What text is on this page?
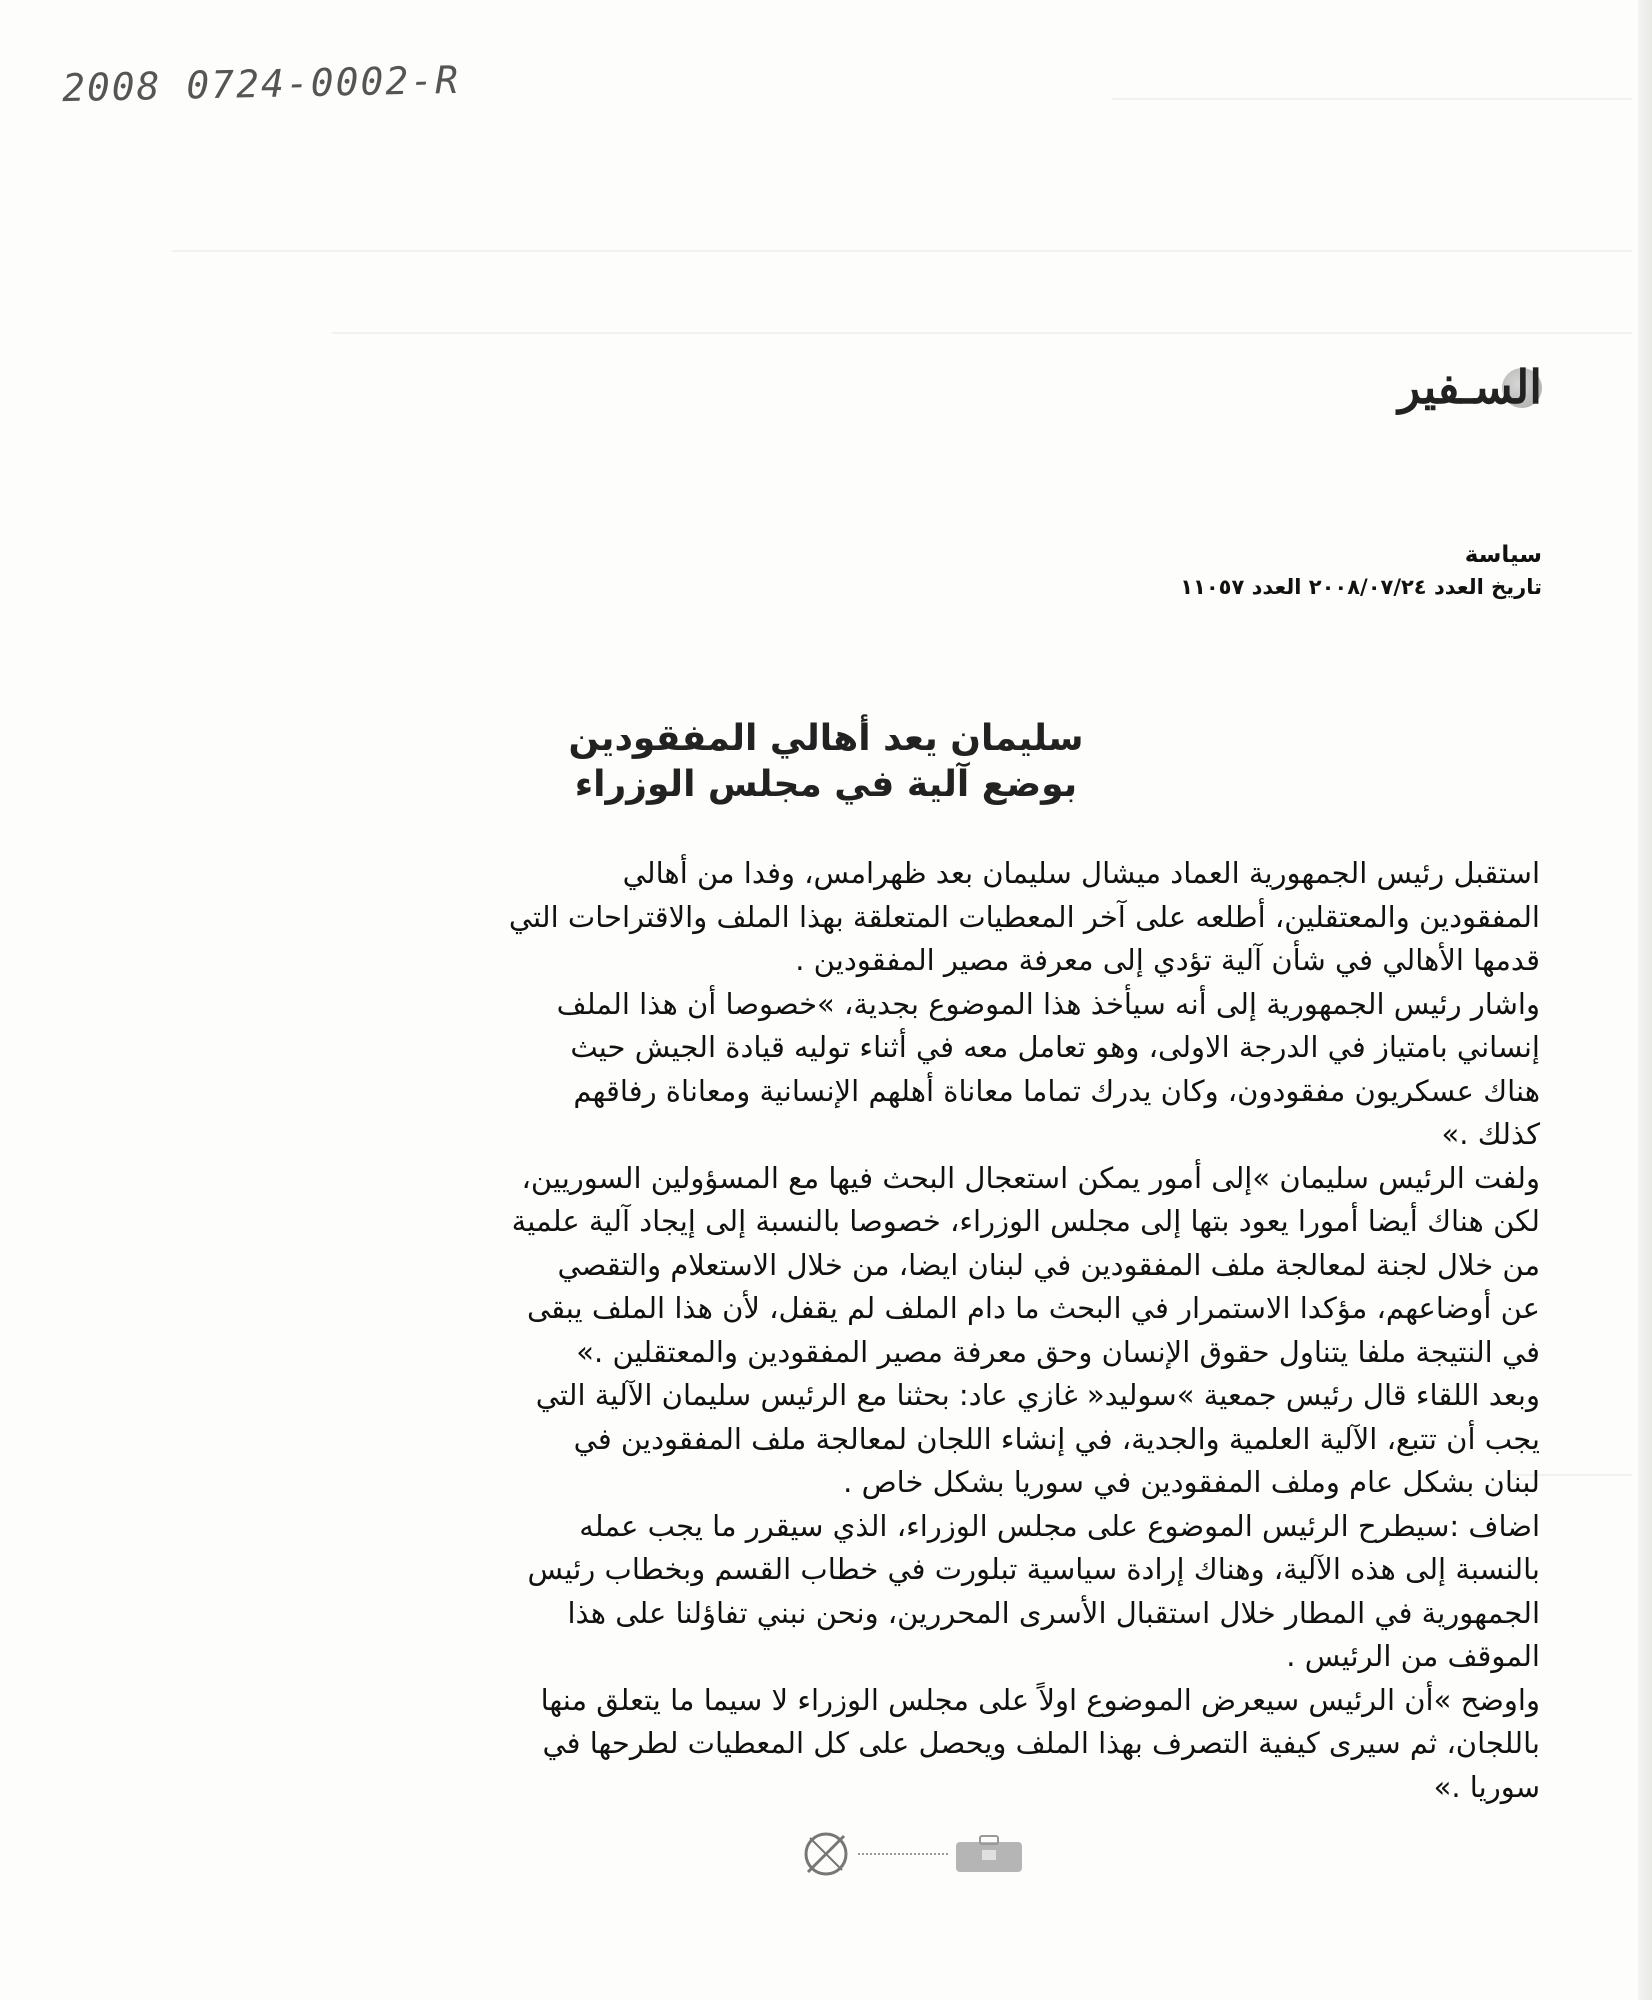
2008 0724-0002-R
السـفير
سياسة
تاريخ العدد ٢٠٠٨/٠٧/٢٤ العدد ١١٠٥٧
سليمان يعد أهالي المفقودين
بوضع آلية في مجلس الوزراء

استقبل رئيس الجمهورية العماد ميشال سليمان بعد ظهرامس، وفدا من أهالي

المفقودين والمعتقلين، أطلعه على آخر المعطيات المتعلقة بهذا الملف والاقتراحات التي

قدمها الأهالي في شأن آلية تؤدي إلى معرفة مصير المفقودين .

واشار رئيس الجمهورية إلى أنه سيأخذ هذا الموضوع بجدية، »خصوصا أن هذا الملف

إنساني بامتياز في الدرجة الاولى، وهو تعامل معه في أثناء توليه قيادة الجيش حيث

هناك عسكريون مفقودون، وكان يدرك تماما معاناة أهلهم الإنسانية ومعاناة رفاقهم

كذلك .»

ولفت الرئيس سليمان »إلى أمور يمكن استعجال البحث فيها مع المسؤولين السوريين،

لكن هناك أيضا أمورا يعود بتها إلى مجلس الوزراء، خصوصا بالنسبة إلى إيجاد آلية علمية

من خلال لجنة لمعالجة ملف المفقودين في لبنان ايضا، من خلال الاستعلام والتقصي

عن أوضاعهم، مؤكدا الاستمرار في البحث ما دام الملف لم يقفل، لأن هذا الملف يبقى

في النتيجة ملفا يتناول حقوق الإنسان وحق معرفة مصير المفقودين والمعتقلين .»

وبعد اللقاء قال رئيس جمعية »سوليد« غازي عاد: بحثنا مع الرئيس سليمان الآلية التي

يجب أن تتبع، الآلية العلمية والجدية، في إنشاء اللجان لمعالجة ملف المفقودين في

لبنان بشكل عام وملف المفقودين في سوريا بشكل خاص .

اضاف :سيطرح الرئيس الموضوع على مجلس الوزراء، الذي سيقرر ما يجب عمله

بالنسبة إلى هذه الآلية، وهناك إرادة سياسية تبلورت في خطاب القسم وبخطاب رئيس

الجمهورية في المطار خلال استقبال الأسرى المحررين، ونحن نبني تفاؤلنا على هذا

الموقف من الرئيس .

واوضح »أن الرئيس سيعرض الموضوع اولاً على مجلس الوزراء لا سيما ما يتعلق منها

باللجان، ثم سيرى كيفية التصرف بهذا الملف ويحصل على كل المعطيات لطرحها في

سوريا .»
